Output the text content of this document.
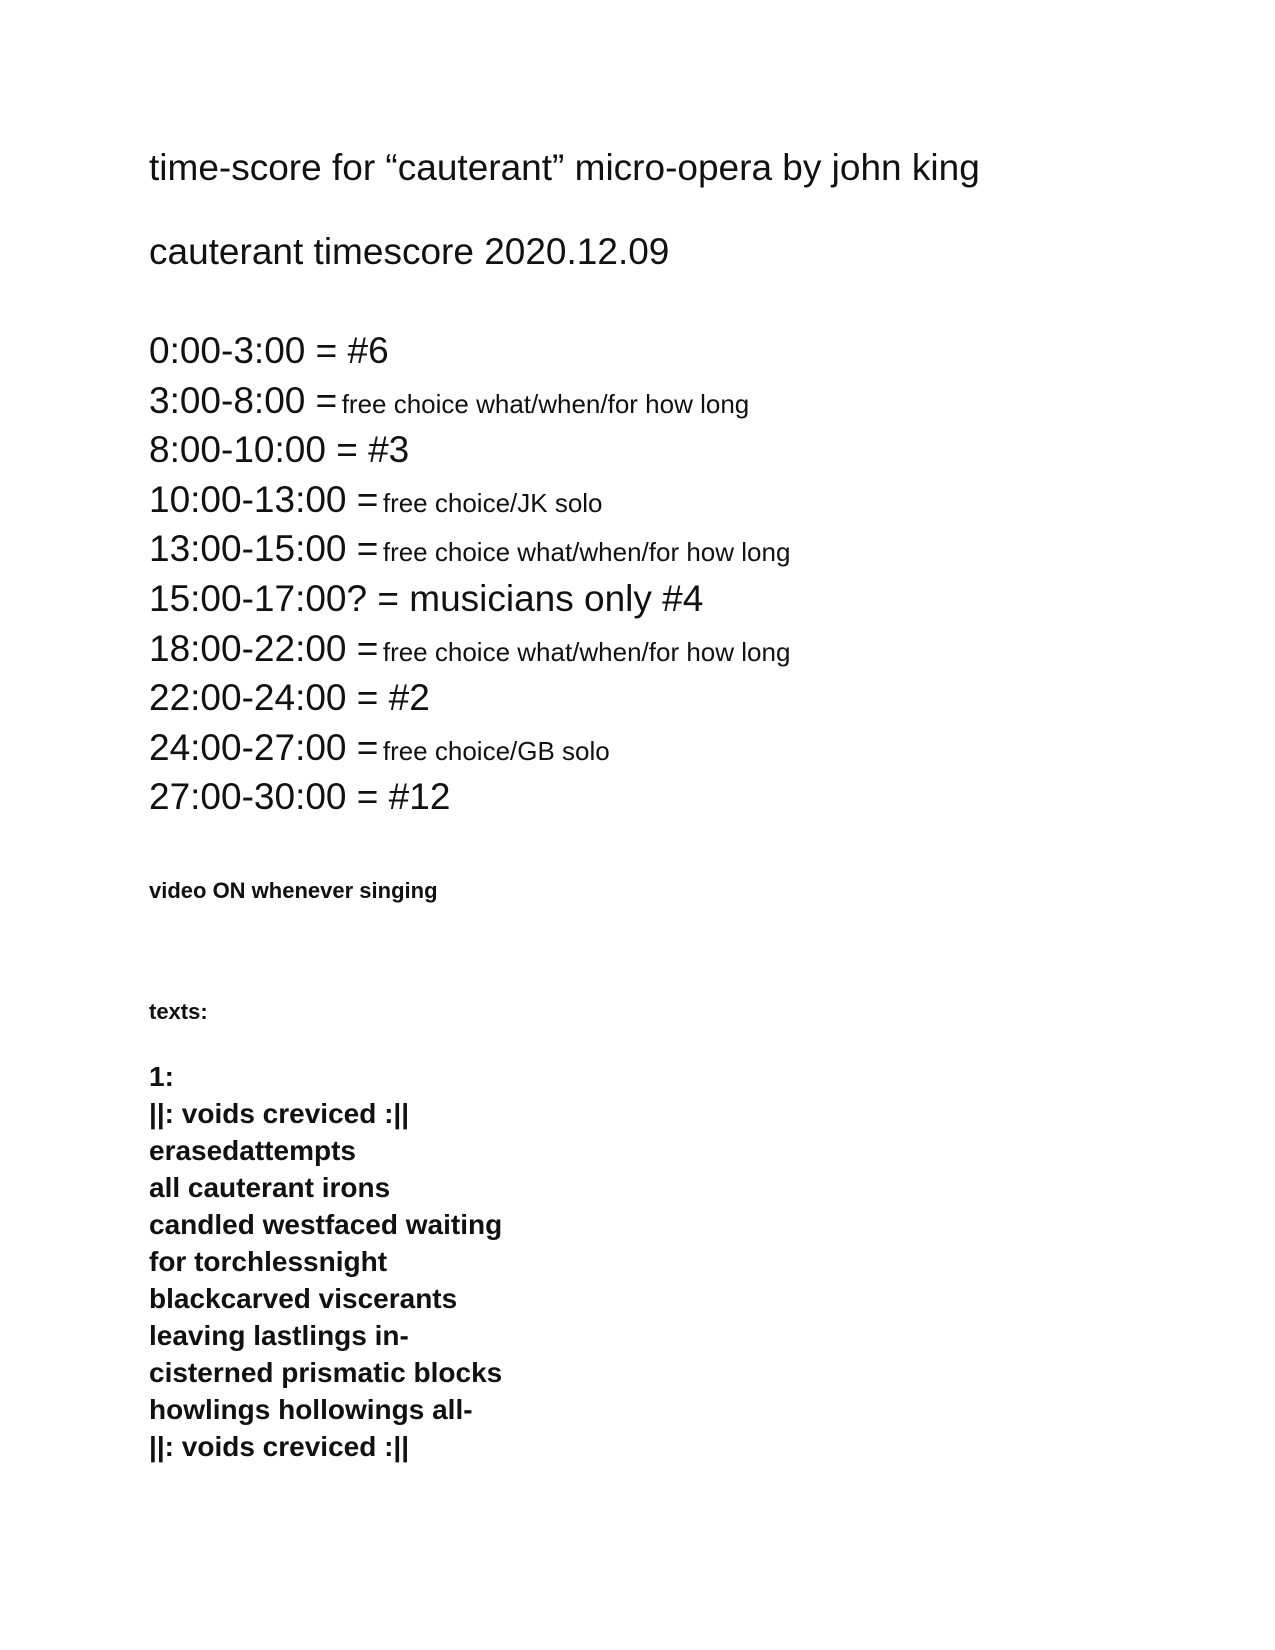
time-score for “cauterant” micro-opera by john king
cauterant timescore 2020.12.09
0:00-3:00 = #6
3:00-8:00 = free choice what/when/for how long
8:00-10:00 = #3
10:00-13:00 = free choice/JK solo
13:00-15:00 = free choice what/when/for how long
15:00-17:00? = musicians only #4
18:00-22:00 = free choice what/when/for how long
22:00-24:00 = #2
24:00-27:00 = free choice/GB solo
27:00-30:00 = #12
video ON whenever singing
texts:
1:
||: voids creviced :||
erasedattempts
all cauterant irons
candled westfaced waiting
for torchlessnight
blackcarved viscerants
leaving lastlings in-
cisterned prismatic blocks
howlings hollowings all-
||: voids creviced :||
